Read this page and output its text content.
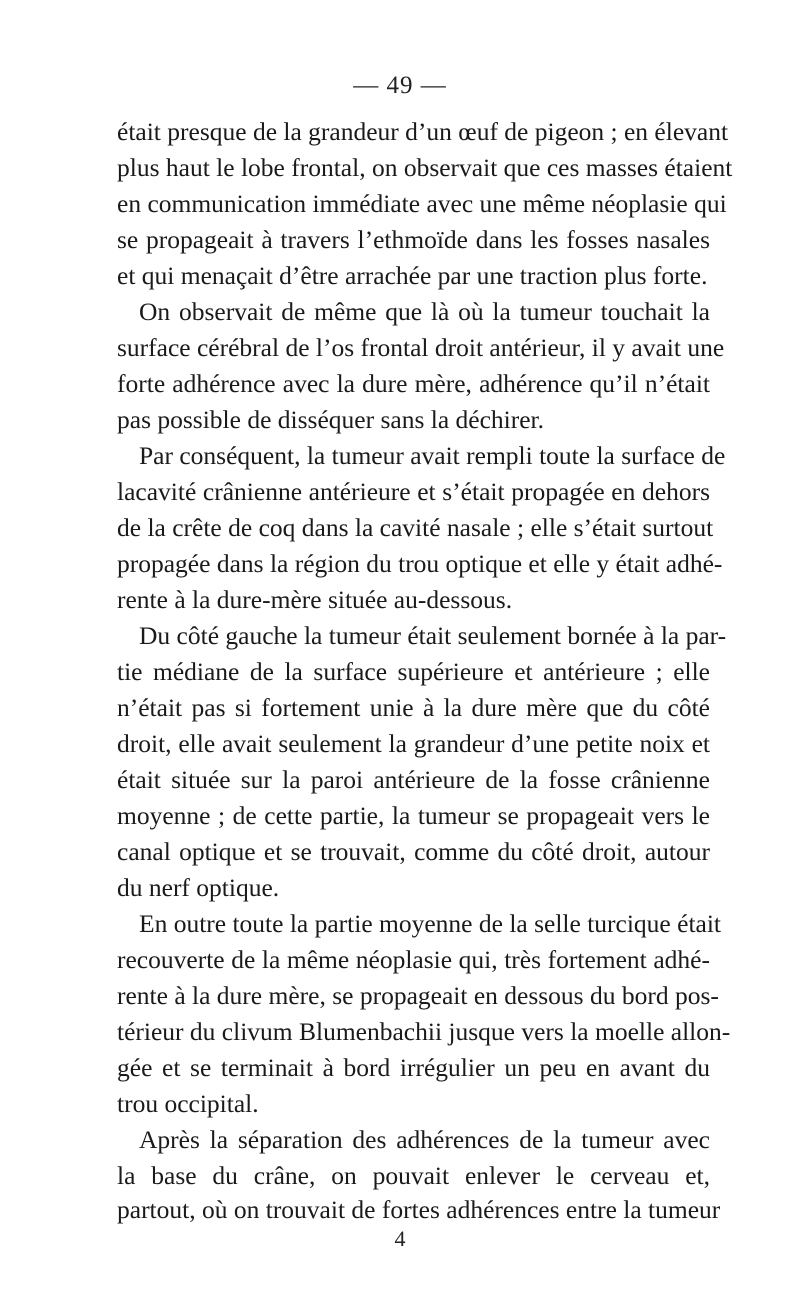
— 49 —
était presque de la grandeur d’un œuf de pigeon ; en élevant
plus haut le lobe frontal, on observait que ces masses étaient
en communication immédiate avec une même néoplasie qui
se propageait à travers l’ethmoïde dans les fosses nasales
et qui menaçait d’être arrachée par une traction plus forte.
On observait de même que là où la tumeur touchait la
surface cérébral de l’os frontal droit antérieur, il y avait une
forte adhérence avec la dure mère, adhérence qu’il n’était
pas possible de disséquer sans la déchirer.
Par conséquent, la tumeur avait rempli toute la surface de
lacavité crânienne antérieure et s’était propagée en dehors
de la crête de coq dans la cavité nasale ; elle s’était surtout
propagée dans la région du trou optique et elle y était adhé-
rente à la dure-mère située au-dessous.
Du côté gauche la tumeur était seulement bornée à la par-
tie médiane de la surface supérieure et antérieure ; elle
n’était pas si fortement unie à la dure mère que du côté
droit, elle avait seulement la grandeur d’une petite noix et
était située sur la paroi antérieure de la fosse crânienne
moyenne ; de cette partie, la tumeur se propageait vers le
canal optique et se trouvait, comme du côté droit, autour
du nerf optique.
En outre toute la partie moyenne de la selle turcique était
recouverte de la même néoplasie qui, très fortement adhé-
rente à la dure mère, se propageait en dessous du bord pos-
térieur du clivum Blumenbachii jusque vers la moelle allon-
gée et se terminait à bord irrégulier un peu en avant du
trou occipital.
Après la séparation des adhérences de la tumeur avec
la base du crâne, on pouvait enlever le cerveau et,
partout, où on trouvait de fortes adhérences entre la tumeur
4
